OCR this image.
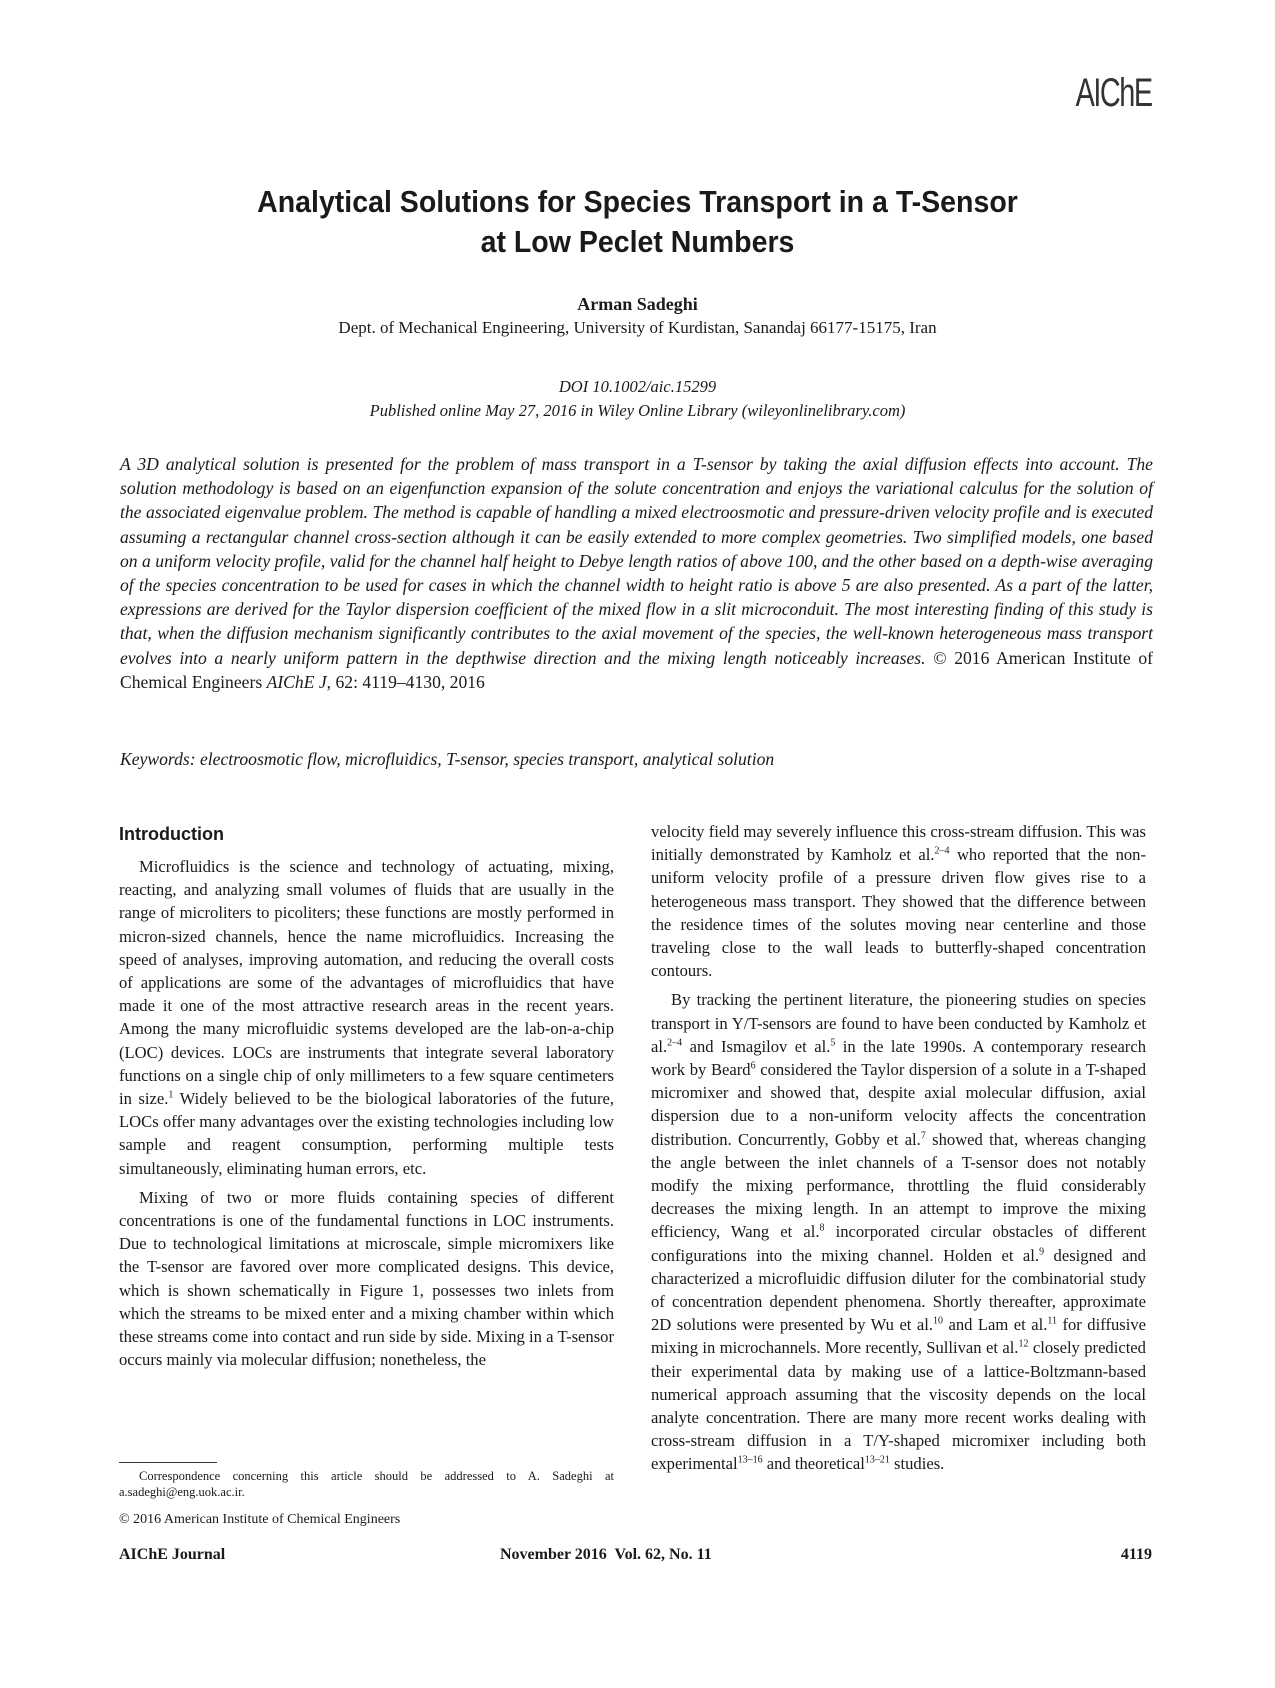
AIChE
Analytical Solutions for Species Transport in a T-Sensor
at Low Peclet Numbers
Arman Sadeghi
Dept. of Mechanical Engineering, University of Kurdistan, Sanandaj 66177-15175, Iran
DOI 10.1002/aic.15299
Published online May 27, 2016 in Wiley Online Library (wileyonlinelibrary.com)
A 3D analytical solution is presented for the problem of mass transport in a T-sensor by taking the axial diffusion effects into account. The solution methodology is based on an eigenfunction expansion of the solute concentration and enjoys the variational calculus for the solution of the associated eigenvalue problem. The method is capable of handling a mixed electroosmotic and pressure-driven velocity profile and is executed assuming a rectangular channel cross-section although it can be easily extended to more complex geometries. Two simplified models, one based on a uniform velocity profile, valid for the channel half height to Debye length ratios of above 100, and the other based on a depth-wise averaging of the species concentration to be used for cases in which the channel width to height ratio is above 5 are also presented. As a part of the latter, expressions are derived for the Taylor dispersion coefficient of the mixed flow in a slit microconduit. The most interesting finding of this study is that, when the diffusion mechanism significantly contributes to the axial movement of the species, the well-known heterogeneous mass transport evolves into a nearly uniform pattern in the depthwise direction and the mixing length noticeably increases. © 2016 American Institute of Chemical Engineers AIChE J, 62: 4119–4130, 2016
Keywords: electroosmotic flow, microfluidics, T-sensor, species transport, analytical solution
Introduction

Microfluidics is the science and technology of actuating, mixing, reacting, and analyzing small volumes of fluids that are usually in the range of microliters to picoliters; these functions are mostly performed in micron-sized channels, hence the name microfluidics. Increasing the speed of analyses, improving automation, and reducing the overall costs of applications are some of the advantages of microfluidics that have made it one of the most attractive research areas in the recent years. Among the many microfluidic systems developed are the lab-on-a-chip (LOC) devices. LOCs are instruments that integrate several laboratory functions on a single chip of only millimeters to a few square centimeters in size.$^1$ Widely believed to be the biological laboratories of the future, LOCs offer many advantages over the existing technologies including low sample and reagent consumption, performing multiple tests simultaneously, eliminating human errors, etc.

Mixing of two or more fluids containing species of different concentrations is one of the fundamental functions in LOC instruments. Due to technological limitations at microscale, simple micromixers like the T-sensor are favored over more complicated designs. This device, which is shown schematically in Figure 1, possesses two inlets from which the streams to be mixed enter and a mixing chamber within which these streams come into contact and run side by side. Mixing in a T-sensor occurs mainly via molecular diffusion; nonetheless, the

velocity field may severely influence this cross-stream diffusion. This was initially demonstrated by Kamholz et al.$^{2-4}$ who reported that the non-uniform velocity profile of a pressure driven flow gives rise to a heterogeneous mass transport. They showed that the difference between the residence times of the solutes moving near centerline and those traveling close to the wall leads to butterfly-shaped concentration contours.

By tracking the pertinent literature, the pioneering studies on species transport in Y/T-sensors are found to have been conducted by Kamholz et al.$^{2-4}$ and Ismagilov et al.$^5$ in the late 1990s. A contemporary research work by Beard$^6$ considered the Taylor dispersion of a solute in a T-shaped micromixer and showed that, despite axial molecular diffusion, axial dispersion due to a non-uniform velocity affects the concentration distribution. Concurrently, Gobby et al.$^7$ showed that, whereas changing the angle between the inlet channels of a T-sensor does not notably modify the mixing performance, throttling the fluid considerably decreases the mixing length. In an attempt to improve the mixing efficiency, Wang et al.$^8$ incorporated circular obstacles of different configurations into the mixing channel. Holden et al.$^9$ designed and characterized a microfluidic diffusion diluter for the combinatorial study of concentration dependent phenomena. Shortly thereafter, approximate 2D solutions were presented by Wu et al.$^{10}$ and Lam et al.$^{11}$ for diffusive mixing in microchannels. More recently, Sullivan et al.$^{12}$ closely predicted their experimental data by making use of a lattice-Boltzmann-based numerical approach assuming that the viscosity depends on the local analyte concentration. There are many more recent works dealing with cross-stream diffusion in a T/Y-shaped micromixer including both experimental$^{13-16}$ and theoretical$^{13-21}$ studies.

Correspondence concerning this article should be addressed to A. Sadeghi at a.sadeghi@eng.uok.ac.ir.
© 2016 American Institute of Chemical Engineers
AIChE Journal	November 2016  Vol. 62, No. 11	4119
